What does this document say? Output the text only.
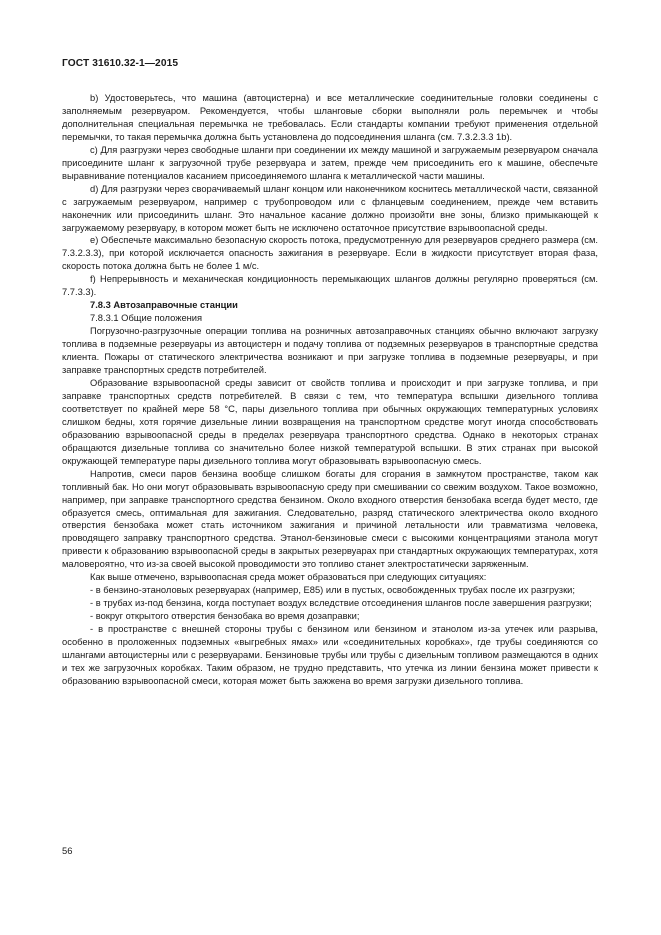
ГОСТ 31610.32-1—2015

b) Удостоверьтесь, что машина (автоцистерна) и все металлические соединительные головки соединены с заполняемым резервуаром. Рекомендуется, чтобы шланговые сборки выполняли роль перемычек и чтобы дополнительная специальная перемычка не требовалась. Если стандарты компании требуют применения отдельной перемычки, то такая перемычка должна быть установлена до подсоединения шланга (см. 7.3.2.3.3 1b).

с) Для разгрузки через свободные шланги при соединении их между машиной и загружаемым резервуаром сначала присоедините шланг к загрузочной трубе резервуара и затем, прежде чем присоединить его к машине, обеспечьте выравнивание потенциалов касанием присоединяемого шланга к металлической части машины.

d) Для разгрузки через сворачиваемый шланг концом или наконечником коснитесь металлической части, связанной с загружаемым резервуаром, например с трубопроводом или с фланцевым соединением, прежде чем вставить наконечник или присоединить шланг. Это начальное касание должно произойти вне зоны, близко примыкающей к загружаемому резервуару, в котором может быть не исключено остаточное присутствие взрывоопасной среды.

е) Обеспечьте максимально безопасную скорость потока, предусмотренную для резервуаров среднего размера (см. 7.3.2.3.3), при которой исключается опасность зажигания в резервуаре. Если в жидкости присутствует вторая фаза, скорость потока должна быть не более 1 м/с.

f) Непрерывность и механическая кондиционность перемыкающих шлангов должны регулярно проверяться (см. 7.7.3.3).

7.8.3 Автозаправочные станции

7.8.3.1 Общие положения

Погрузочно-разгрузочные операции топлива на розничных автозаправочных станциях обычно включают загрузку топлива в подземные резервуары из автоцистерн и подачу топлива от подземных резервуаров в транспортные средства клиента. Пожары от статического электричества возникают и при загрузке топлива в подземные резервуары, и при заправке транспортных средств потребителей.

Образование взрывоопасной среды зависит от свойств топлива и происходит и при загрузке топлива, и при заправке транспортных средств потребителей. В связи с тем, что температура вспышки дизельного топлива соответствует по крайней мере 58 °С, пары дизельного топлива при обычных окружающих температурных условиях слишком бедны, хотя горячие дизельные линии возвращения на транспортном средстве могут иногда способствовать образованию взрывоопасной среды в пределах резервуара транспортного средства. Однако в некоторых странах обращаются дизельные топлива со значительно более низкой температурой вспышки. В этих странах при высокой окружающей температуре пары дизельного топлива могут образовывать взрывоопасную смесь.

Напротив, смеси паров бензина вообще слишком богаты для сгорания в замкнутом пространстве, таком как топливный бак. Но они могут образовывать взрывоопасную среду при смешивании со свежим воздухом. Такое возможно, например, при заправке транспортного средства бензином. Около входного отверстия бензобака всегда будет место, где образуется смесь, оптимальная для зажигания. Следовательно, разряд статического электричества около входного отверстия бензобака может стать источником зажигания и причиной летальности или травматизма человека, проводящего заправку транспортного средства. Этанол-бензиновые смеси с высокими концентрациями этанола могут привести к образованию взрывоопасной среды в закрытых резервуарах при стандартных окружающих температурах, хотя маловероятно, что из-за своей высокой проводимости это топливо станет электростатически заряженным.

Как выше отмечено, взрывоопасная среда может образоваться при следующих ситуациях:

- в бензино-этаноловых резервуарах (например, Е85) или в пустых, освобожденных трубах после их разгрузки;

- в трубах из-под бензина, когда поступает воздух вследствие отсоединения шлангов после завершения разгрузки;

- вокруг открытого отверстия бензобака во время дозаправки;

- в пространстве с внешней стороны трубы с бензином или бензином и этанолом из-за утечек или разрыва, особенно в проложенных подземных «выгребных ямах» или «соединительных коробках», где трубы соединяются со шлангами автоцистерны или с резервуарами. Бензиновые трубы или трубы с дизельным топливом размещаются в одних и тех же загрузочных коробках. Таким образом, не трудно представить, что утечка из линии бензина может привести к образованию взрывоопасной смеси, которая может быть зажжена во время загрузки дизельного топлива.

56
